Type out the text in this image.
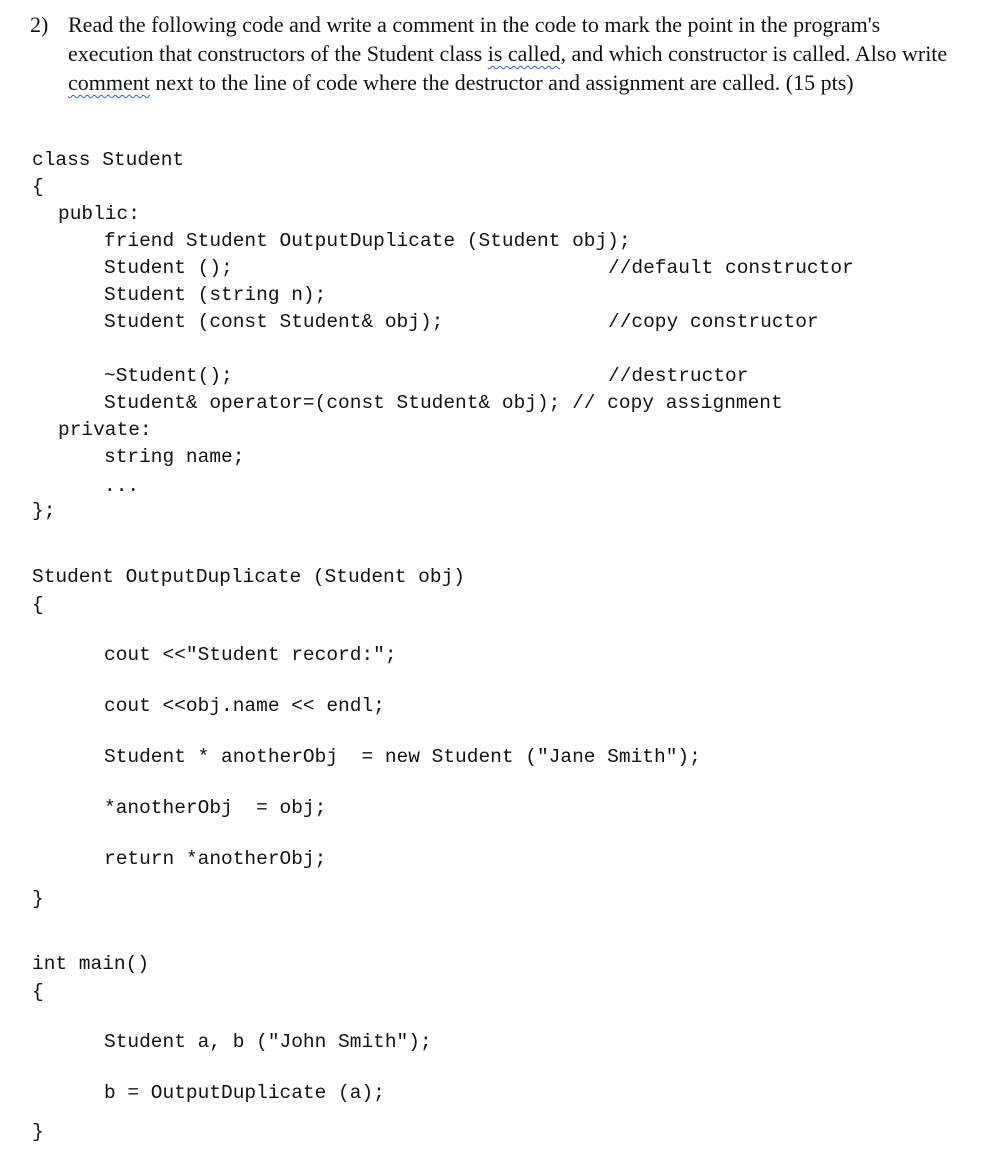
2) Read the following code and write a comment in the code to mark the point in the program's execution that constructors of the Student class is called, and which constructor is called. Also write comment next to the line of code where the destructor and assignment are called. (15 pts)
class Student
{
public:
friend Student OutputDuplicate (Student obj);
Student ();	//default constructor
Student (string n);
Student (const Student& obj);	//copy constructor
~Student();	//destructor
Student& operator=(const Student& obj); // copy assignment
private:
string name;
...
};
Student OutputDuplicate (Student obj)
{
cout <<"Student record:";
cout <<obj.name << endl;
Student * anotherObj  = new Student ("Jane Smith");
*anotherObj  = obj;
return *anotherObj;
}
int main()
{
Student a, b ("John Smith");
b = OutputDuplicate (a);
}
